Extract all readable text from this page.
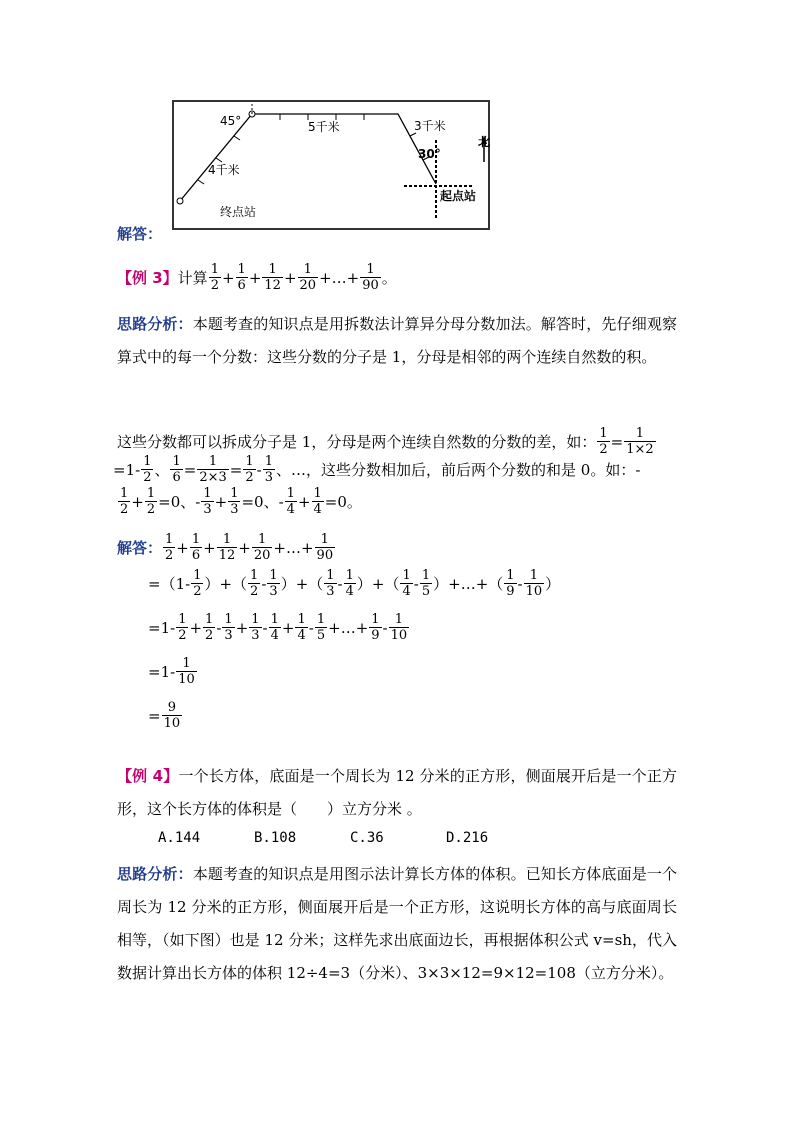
45°	5千米	3千米
4千米
30°
北
起点站
终点站
解答：
【例 3】 计算 $\frac{1}{2} + \frac{1}{6} + \frac{1}{12} + \frac{1}{20}$ +…+ $\frac{1}{90}$ 。
思路分析：本题考查的知识点是用拆数法计算异分母分数加法。解答时，先仔细观察算式中的每一个分数：这些分数的分子是 1，分母是相邻的两个连续自然数的积。
这些分数都可以拆成分子是 1，分母是两个连续自然数的分数的差，如： $\frac{1}{2} = \frac{1}{1\times 2}$
$=1- \frac{1}{2}$ 、 $\frac{1}{6} = \frac{1}{2\times 3} = \frac{1}{2} - \frac{1}{3}$ 、…，这些分数相加后，前后两个分数的和是 0。如：-
$\frac{1}{2} + \frac{1}{2} =0$、- $\frac{1}{3} + \frac{1}{3} =0$、- $\frac{1}{4} + \frac{1}{4} =0$。
解答： $\frac{1}{2} + \frac{1}{6} + \frac{1}{12} + \frac{1}{20}$ +…+ $\frac{1}{90}$
$=(1- \frac{1}{2}$ ）+（ $\frac{1}{2} - \frac{1}{3}$ ）+（ $\frac{1}{3} - \frac{1}{4}$ ）+（ $\frac{1}{4} - \frac{1}{5}$ ）+…+（ $\frac{1}{9} - \frac{1}{10}$ ）
$=1- \frac{1}{2} + \frac{1}{2} - \frac{1}{3} + \frac{1}{3} - \frac{1}{4} + \frac{1}{4} - \frac{1}{5}$ +…+ $\frac{1}{9} - \frac{1}{10}$
$=1- \frac{1}{10}$
= $\frac{9}{10}$
【例 4】一个长方体，底面是一个周长为 12 分米的正方形，侧面展开后是一个正方形，这个长方体的体积是（　　）立方分米 。
A.144	B.108	C.36	D.216
思路分析：本题考查的知识点是用图示法计算长方体的体积。已知长方体底面是一个周长为 12 分米的正方形，侧面展开后是一个正方形，这说明长方体的高与底面周长相等，（如下图）也是 12 分米；这样先求出底面边长，再根据体积公式 v=sh，代入数据计算出长方体的体积 12÷4=3（分米）、3×3×12=9×12=108（立方分米）。
